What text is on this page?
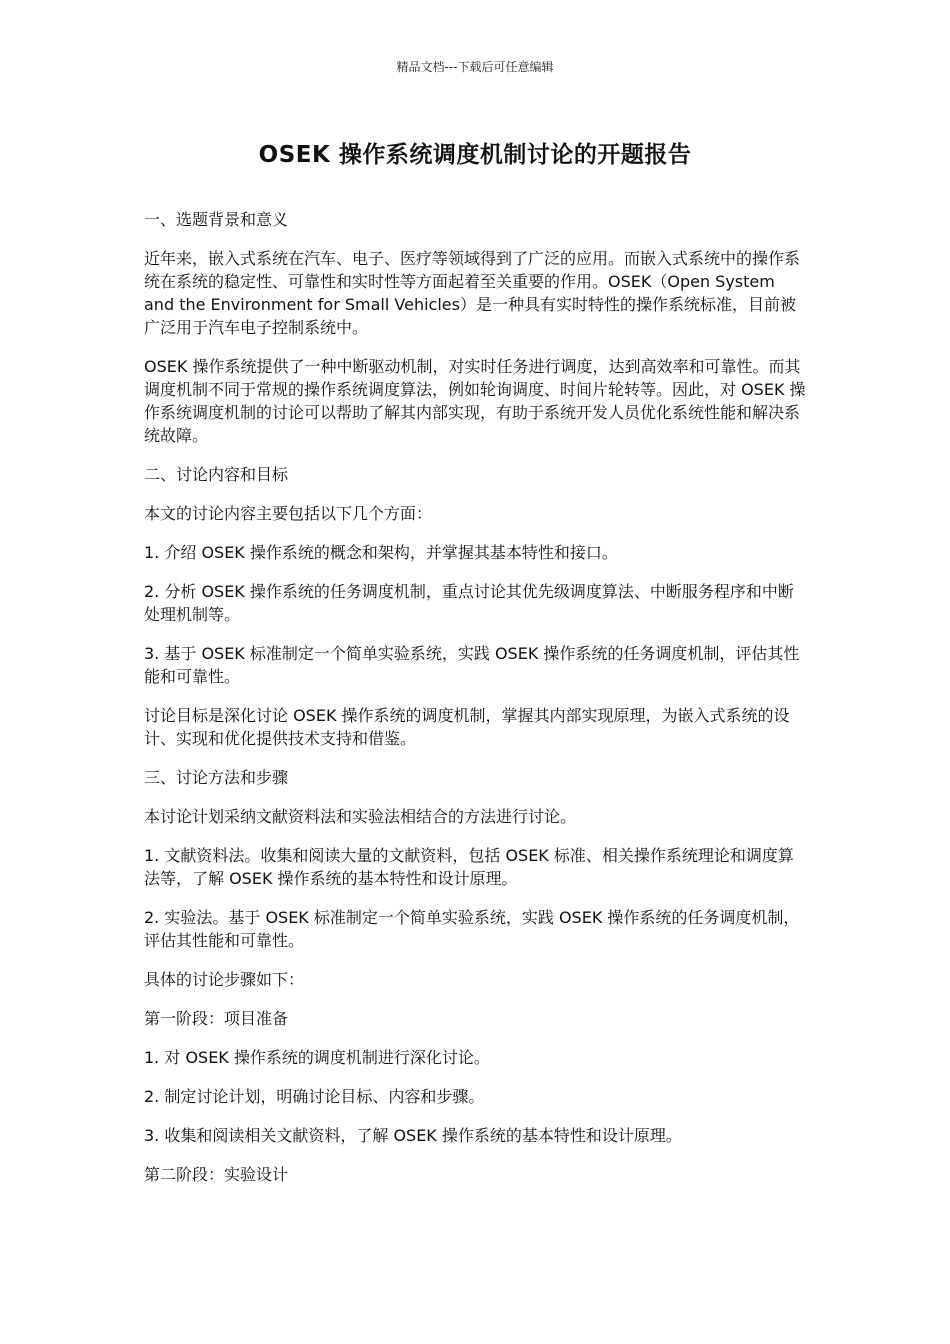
精品文档---下载后可任意编辑
OSEK 操作系统调度机制讨论的开题报告

一、选题背景和意义

近年来，嵌入式系统在汽车、电子、医疗等领域得到了广泛的应用。而嵌入式系统中的操作系统在系统的稳定性、可靠性和实时性等方面起着至关重要的作用。OSEK（Open System and the Environment for Small Vehicles）是一种具有实时特性的操作系统标准，目前被广泛用于汽车电子控制系统中。

OSEK 操作系统提供了一种中断驱动机制，对实时任务进行调度，达到高效率和可靠性。而其调度机制不同于常规的操作系统调度算法，例如轮询调度、时间片轮转等。因此，对 OSEK 操作系统调度机制的讨论可以帮助了解其内部实现，有助于系统开发人员优化系统性能和解决系统故障。

二、讨论内容和目标

本文的讨论内容主要包括以下几个方面：

1. 介绍 OSEK 操作系统的概念和架构，并掌握其基本特性和接口。

2. 分析 OSEK 操作系统的任务调度机制，重点讨论其优先级调度算法、中断服务程序和中断处理机制等。

3. 基于 OSEK 标准制定一个简单实验系统，实践 OSEK 操作系统的任务调度机制，评估其性能和可靠性。

讨论目标是深化讨论 OSEK 操作系统的调度机制，掌握其内部实现原理，为嵌入式系统的设计、实现和优化提供技术支持和借鉴。

三、讨论方法和步骤

本讨论计划采纳文献资料法和实验法相结合的方法进行讨论。

1. 文献资料法。收集和阅读大量的文献资料，包括 OSEK 标准、相关操作系统理论和调度算法等，了解 OSEK 操作系统的基本特性和设计原理。

2. 实验法。基于 OSEK 标准制定一个简单实验系统，实践 OSEK 操作系统的任务调度机制，评估其性能和可靠性。

具体的讨论步骤如下：

第一阶段：项目准备

1. 对 OSEK 操作系统的调度机制进行深化讨论。

2. 制定讨论计划，明确讨论目标、内容和步骤。

3. 收集和阅读相关文献资料，了解 OSEK 操作系统的基本特性和设计原理。

第二阶段：实验设计
